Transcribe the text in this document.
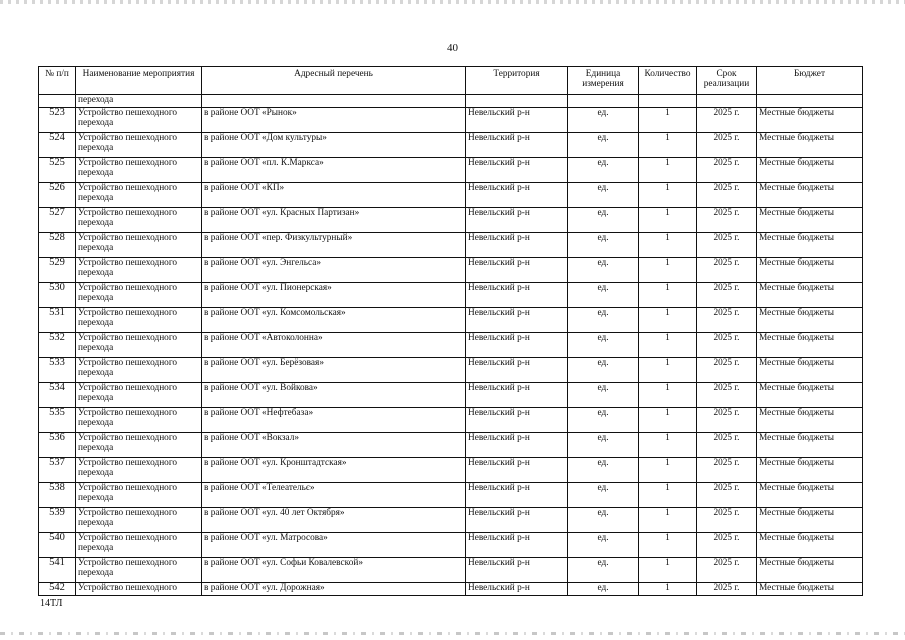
40
№ п/п	Наименование мероприятия	Адресный перечень	Территория	Единица измерения	Количество	Срок реализации	Бюджет
	перехода						
523	Устройство пешеходного перехода	в районе ООТ «Рынок»	Невельский р-н	ед.	1	2025 г.	Местные бюджеты
524	Устройство пешеходного перехода	в районе ООТ «Дом культуры»	Невельский р-н	ед.	1	2025 г.	Местные бюджеты
525	Устройство пешеходного перехода	в районе ООТ «пл. К.Маркса»	Невельский р-н	ед.	1	2025 г.	Местные бюджеты
526	Устройство пешеходного перехода	в районе ООТ «КП»	Невельский р-н	ед.	1	2025 г.	Местные бюджеты
527	Устройство пешеходного перехода	в районе ООТ «ул. Красных Партизан»	Невельский р-н	ед.	1	2025 г.	Местные бюджеты
528	Устройство пешеходного перехода	в районе ООТ «пер. Физкультурный»	Невельский р-н	ед.	1	2025 г.	Местные бюджеты
529	Устройство пешеходного перехода	в районе ООТ «ул. Энгельса»	Невельский р-н	ед.	1	2025 г.	Местные бюджеты
530	Устройство пешеходного перехода	в районе ООТ «ул. Пионерская»	Невельский р-н	ед.	1	2025 г.	Местные бюджеты
531	Устройство пешеходного перехода	в районе ООТ «ул. Комсомольская»	Невельский р-н	ед.	1	2025 г.	Местные бюджеты
532	Устройство пешеходного перехода	в районе ООТ «Автоколонна»	Невельский р-н	ед.	1	2025 г.	Местные бюджеты
533	Устройство пешеходного перехода	в районе ООТ «ул. Берёзовая»	Невельский р-н	ед.	1	2025 г.	Местные бюджеты
534	Устройство пешеходного перехода	в районе ООТ «ул. Войкова»	Невельский р-н	ед.	1	2025 г.	Местные бюджеты
535	Устройство пешеходного перехода	в районе ООТ «Нефтебаза»	Невельский р-н	ед.	1	2025 г.	Местные бюджеты
536	Устройство пешеходного перехода	в районе ООТ «Вокзал»	Невельский р-н	ед.	1	2025 г.	Местные бюджеты
537	Устройство пешеходного перехода	в районе ООТ «ул. Кронштадтская»	Невельский р-н	ед.	1	2025 г.	Местные бюджеты
538	Устройство пешеходного перехода	в районе ООТ «Телеательє»	Невельский р-н	ед.	1	2025 г.	Местные бюджеты
539	Устройство пешеходного перехода	в районе ООТ «ул. 40 лет Октября»	Невельский р-н	ед.	1	2025 г.	Местные бюджеты
540	Устройство пешеходного перехода	в районе ООТ «ул. Матросова»	Невельский р-н	ед.	1	2025 г.	Местные бюджеты
541	Устройство пешеходного перехода	в районе ООТ «ул. Софьи Ковалевской»	Невельский р-н	ед.	1	2025 г.	Местные бюджеты
542	Устройство пешеходного	в районе ООТ «ул. Дорожная»	Невельский р-н	ед.	1	2025 г.	Местные бюджеты
14ТЛ
